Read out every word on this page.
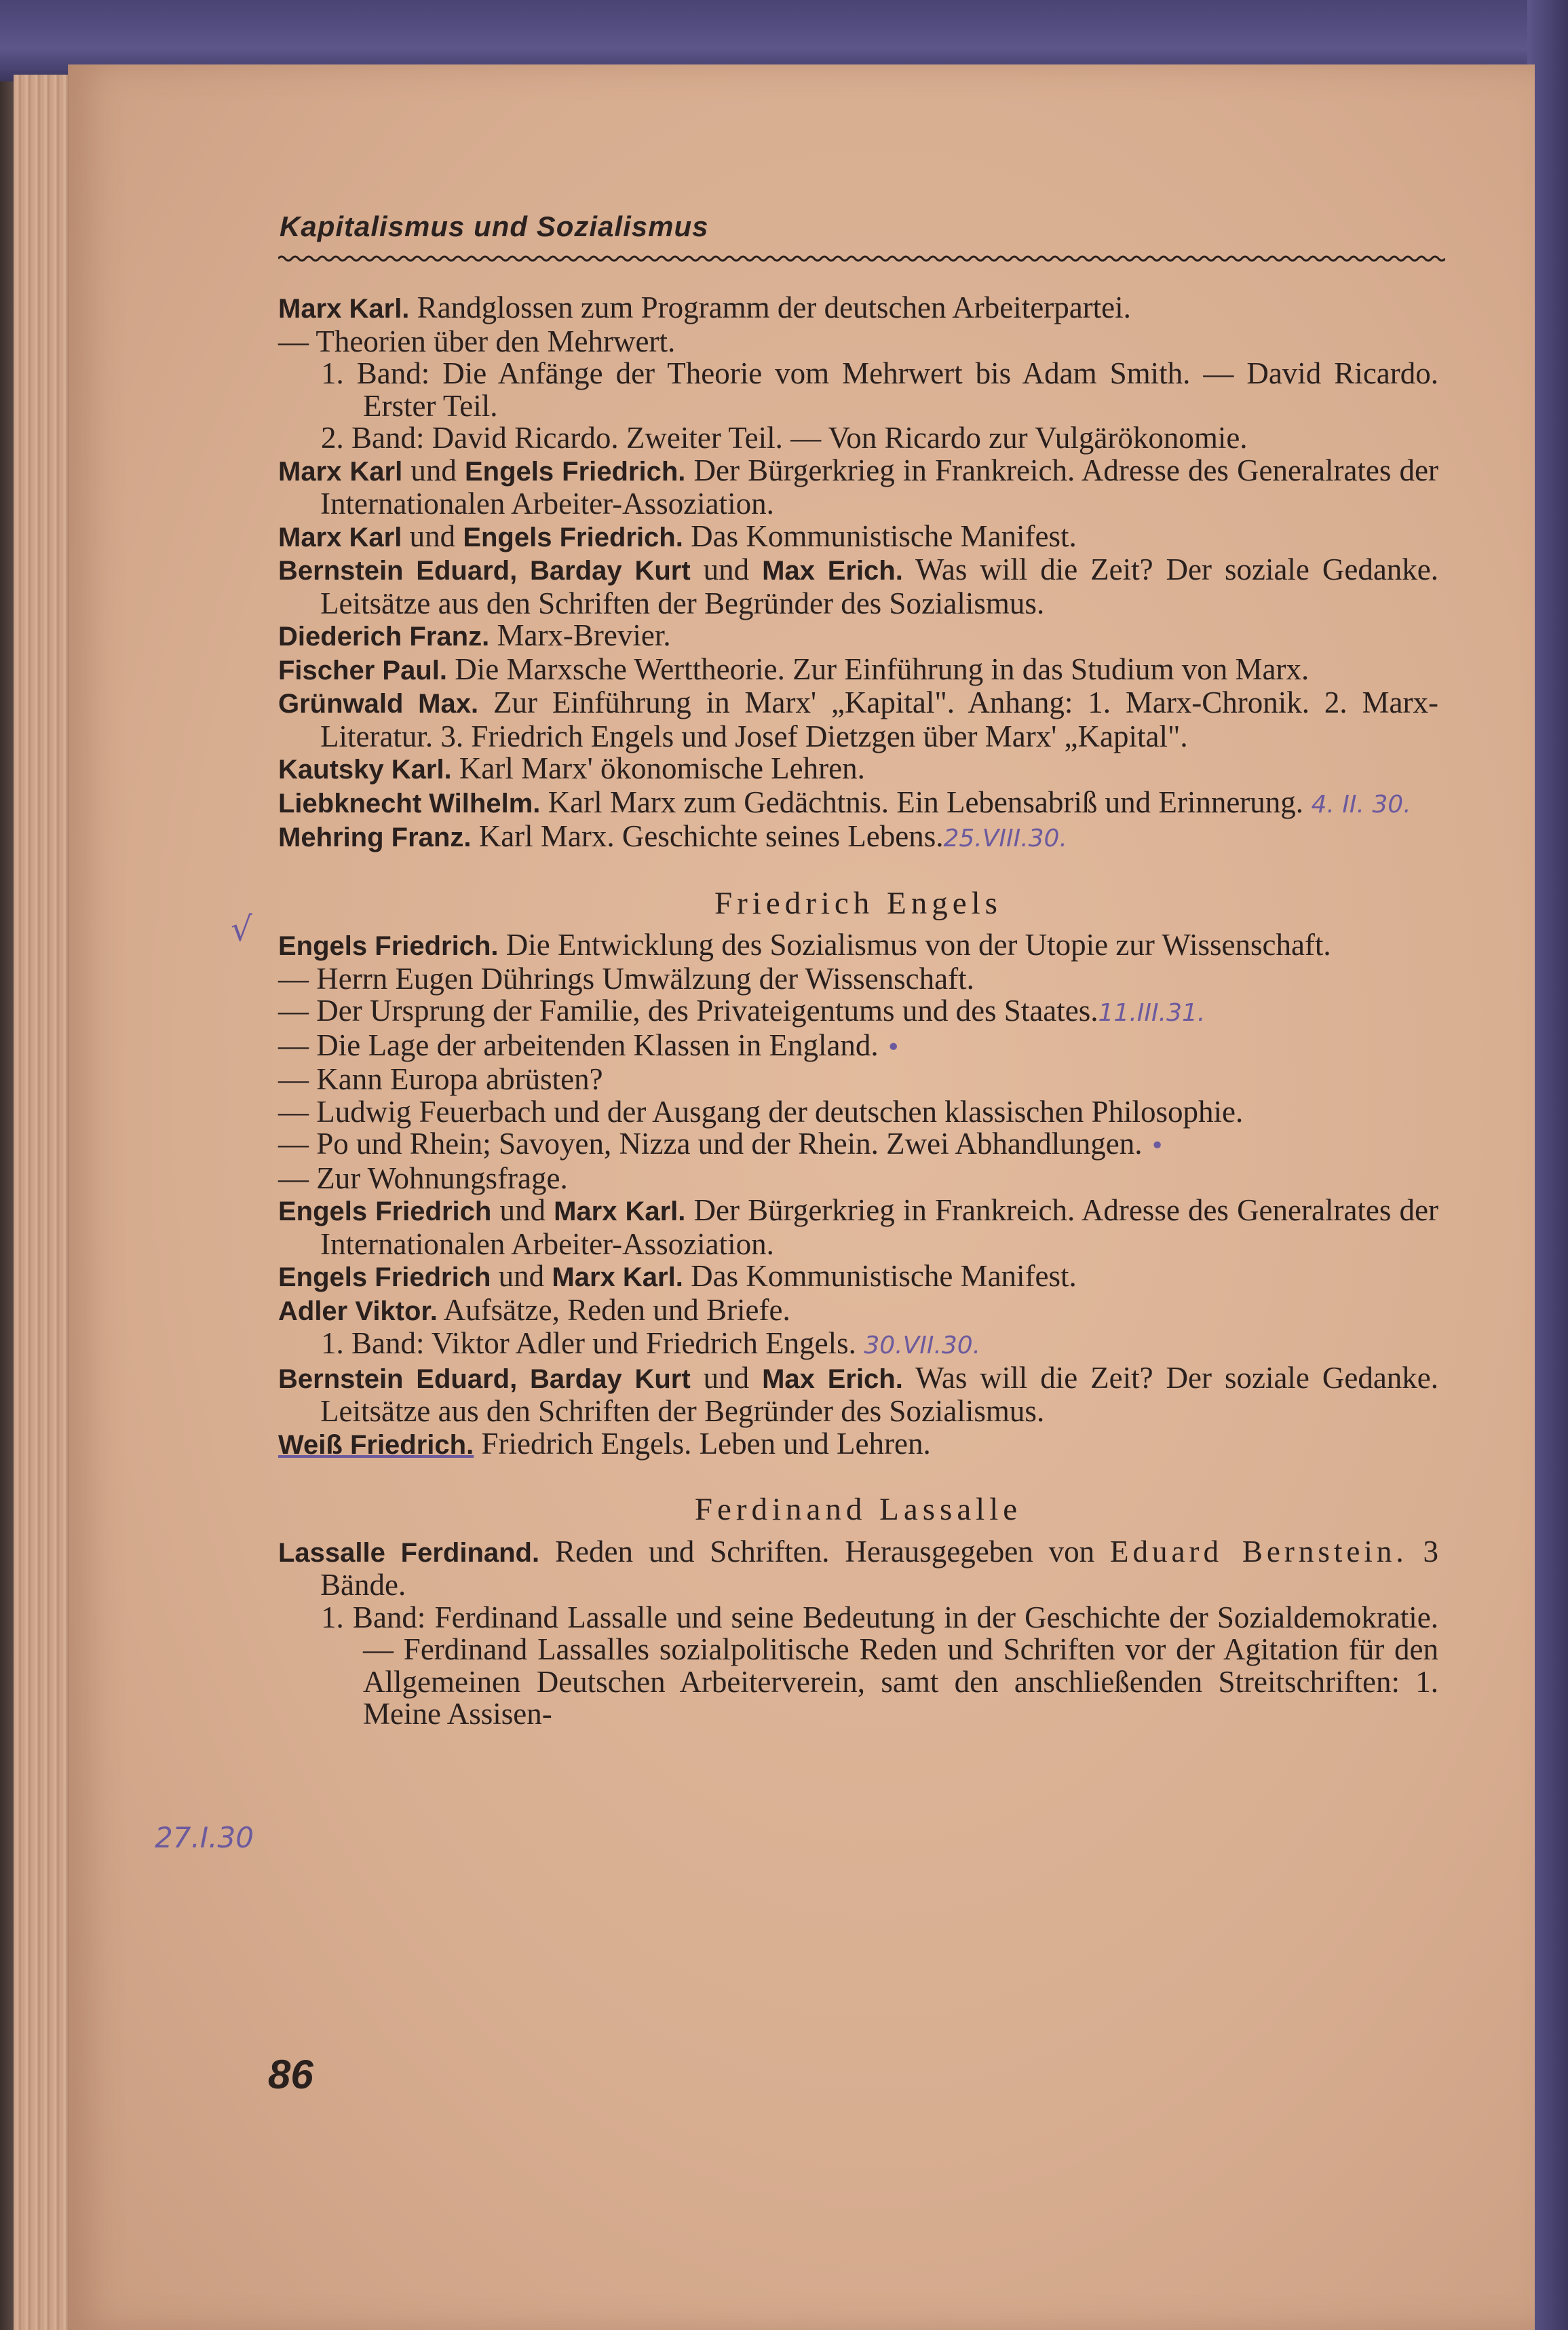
Kapitalismus und Sozialismus
√
27.I.30

Marx Karl. Randglossen zum Programm der deutschen Arbeiterpartei.

— Theorien über den Mehrwert.

1. Band: Die Anfänge der Theorie vom Mehrwert bis Adam Smith. — David Ricardo. Erster Teil.

2. Band: David Ricardo. Zweiter Teil. — Von Ricardo zur Vulgärökonomie.

Marx Karl und Engels Friedrich. Der Bürgerkrieg in Frankreich. Adresse des Generalrates der Internationalen Arbeiter-Assoziation.

Marx Karl und Engels Friedrich. Das Kommunistische Manifest.

Bernstein Eduard, Barday Kurt und Max Erich. Was will die Zeit? Der soziale Gedanke. Leitsätze aus den Schriften der Begründer des Sozialismus.

Diederich Franz. Marx-Brevier.

Fischer Paul. Die Marxsche Werttheorie. Zur Einführung in das Studium von Marx.

Grünwald Max. Zur Einführung in Marx' „Kapital". Anhang: 1. Marx-Chronik. 2. Marx-Literatur. 3. Friedrich Engels und Josef Dietzgen über Marx' „Kapital".

Kautsky Karl. Karl Marx' ökonomische Lehren.

Liebknecht Wilhelm. Karl Marx zum Gedächtnis. Ein Lebensabriß und Erinnerung. 4. II. 30.

Mehring Franz. Karl Marx. Geschichte seines Lebens.25.VIII.30.

Friedrich Engels

Engels Friedrich. Die Entwicklung des Sozialismus von der Utopie zur Wissenschaft.

— Herrn Eugen Dührings Umwälzung der Wissenschaft.

— Der Ursprung der Familie, des Privateigentums und des Staates.11.III.31.

— Die Lage der arbeitenden Klassen in England. •

— Kann Europa abrüsten?

— Ludwig Feuerbach und der Ausgang der deutschen klassischen Philosophie.

— Po und Rhein; Savoyen, Nizza und der Rhein. Zwei Abhandlungen. •

— Zur Wohnungsfrage.

Engels Friedrich und Marx Karl. Der Bürgerkrieg in Frankreich. Adresse des Generalrates der Internationalen Arbeiter-Assoziation.

Engels Friedrich und Marx Karl. Das Kommunistische Manifest.

Adler Viktor. Aufsätze, Reden und Briefe.

1. Band: Viktor Adler und Friedrich Engels. 30.VII.30.

Bernstein Eduard, Barday Kurt und Max Erich. Was will die Zeit? Der soziale Gedanke. Leitsätze aus den Schriften der Begründer des Sozialismus.

Weiß Friedrich. Friedrich Engels. Leben und Lehren.

Ferdinand Lassalle

Lassalle Ferdinand. Reden und Schriften. Herausgegeben von Eduard Bernstein. 3 Bände.

1. Band: Ferdinand Lassalle und seine Bedeutung in der Geschichte der Sozialdemokratie. — Ferdinand Lassalles sozialpolitische Reden und Schriften vor der Agitation für den Allgemeinen Deutschen Arbeiterverein, samt den anschließenden Streitschriften: 1. Meine Assisen-

86
